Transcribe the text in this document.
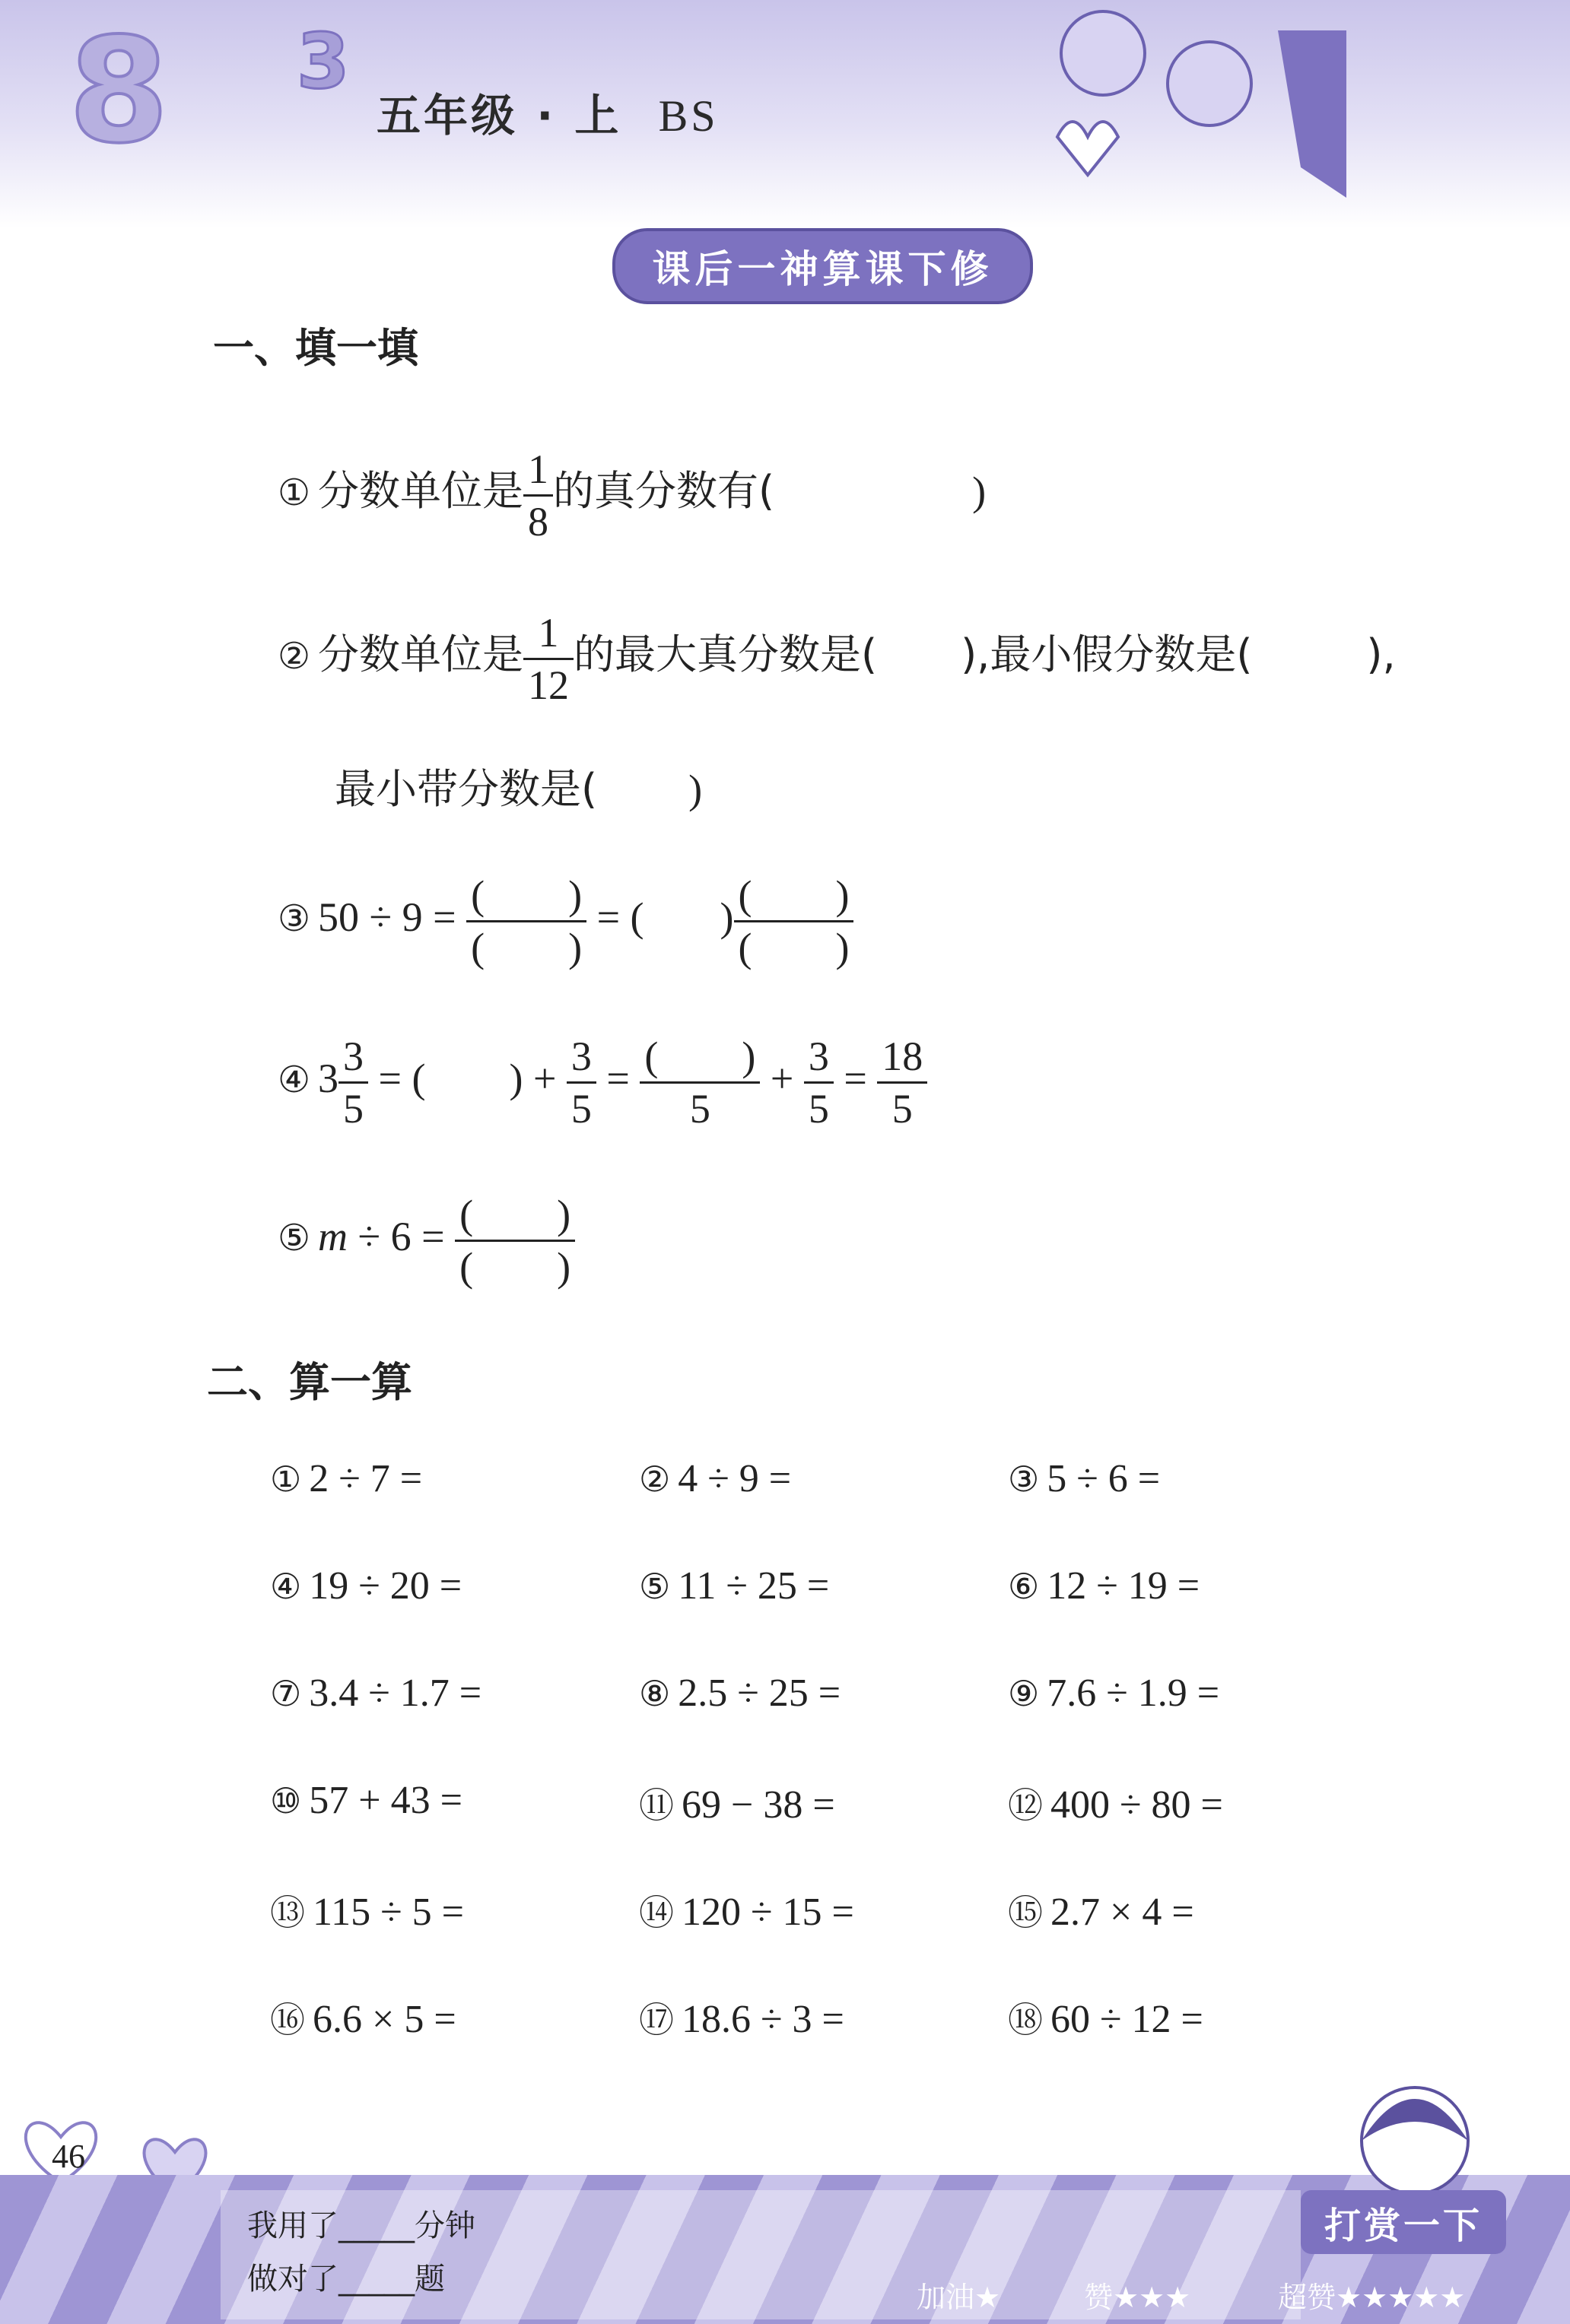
8 3
五年级 · 上 BS
课后一神算课下修
一、填一填
① 分数单位是 $\frac{1}{8}$ 的真分数有(	)
② 分数单位是 $\frac{1}{12}$ 的最大真分数是( ),最小假分数是(	),
最小带分数是( )
③ $50 \div 9 = \frac{( )}{( )}$ = ( ) $\frac{( )}{( )}$
④ $3 \frac{3}{5}$ = ( ) + $\frac{3}{5} = \frac{( )}{5} + \frac{3}{5} = \frac{18}{5}$
⑤ $m \div 6 = \frac{( )}{( )}$
二、算一算
① 2 ÷ 7 =	② 4 ÷ 9 =	③ 5 ÷ 6 =
④ 19 ÷ 20 =	⑤ 11 ÷ 25 =	⑥ 12 ÷ 19 =
⑦ 3.4 ÷ 1.7 =	⑧ 2.5 ÷ 25 =	⑨ 7.6 ÷ 1.9 =
⑩ 57 + 43 =	⑪ 69 − 38 =	⑫ 400 ÷ 80 =
⑬ 115 ÷ 5 =	⑭ 120 ÷ 15 =	⑮ 2.7 × 4 =
⑯ 6.6 × 5 =	⑰ 18.6 ÷ 3 =	⑱ 60 ÷ 12 =
46
我用了_____分钟
做对了_____题
打赏一下
加油★	赞★★★	超赞★★★★★
